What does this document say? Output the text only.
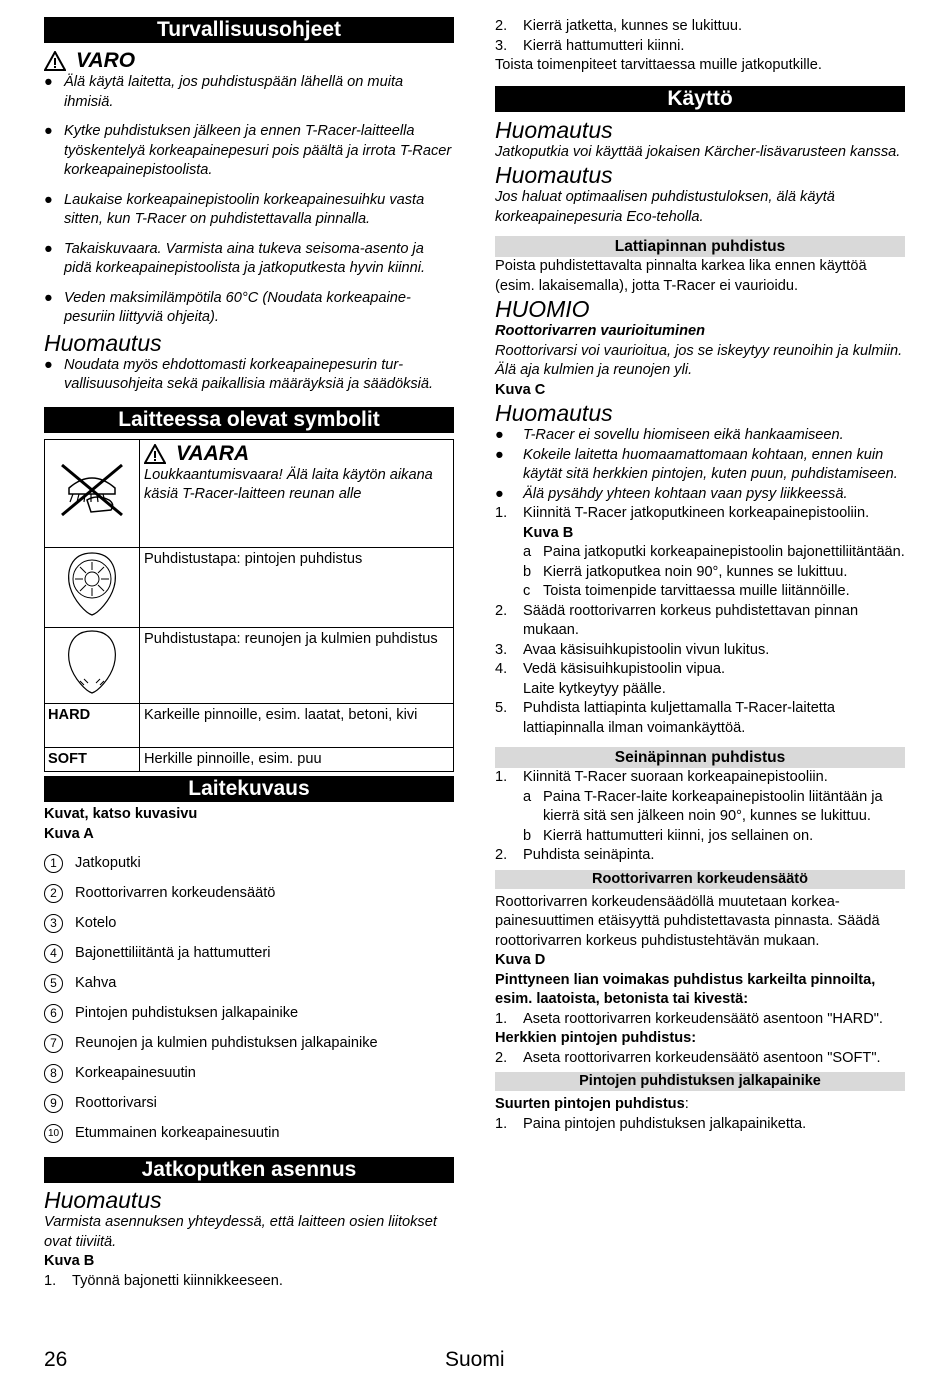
Turvallisuusohjeet
VARO

● Älä käytä laitetta, jos puhdistuspään lähellä on muita ihmisiä.

● Kytke puhdistuksen jälkeen ja ennen T-Racer-laitteella työskentelyä korkeapainepesuri pois päältä ja irrota T-Racer korkeapainepistoolista.

● Laukaise korkeapainepistoolin korkeapainesuihku vasta sitten, kun T-Racer on puhdistettavalla pinnalla.

● Takaiskuvaara. Varmista aina tukeva seisoma-asento ja pidä korkeapainepistoolista ja jatkoputkesta hyvin kiinni.

● Veden maksimilämpötila 60°C (Noudata korkeapainepesuriin liittyviä ohjeita).

Huomautus

● Noudata myös ehdottomasti korkeapainepesurin turvallisuusohjeita sekä paikallisia määräyksiä ja säädöksiä.

Laitteessa olevat symbolit

VAARA
Loukkaantumisvaara! Älä laita käytön aikana käsiä T-Racer-laitteen reunan alle

	Puhdistustapa: pintojen puhdistus
	Puhdistustapa: reunojen ja kulmien puhdistus
HARD	Karkeille pinnoille, esim. laatat, betoni, kivi
SOFT	Herkille pinnoille, esim. puu
Laitekuvaus

Kuvat, katso kuvasivu

Kuva A

1 Jatkoputki

2 Roottorivarren korkeudensäätö

3 Kotelo

4 Bajonettiliitäntä ja hattumutteri

5 Kahva

6 Pintojen puhdistuksen jalkapainike

7 Reunojen ja kulmien puhdistuksen jalkapainike

8 Korkeapainesuutin

9 Roottorivarsi

10 Etummainen korkeapainesuutin

Jatkoputken asennus

Huomautus

Varmista asennuksen yhteydessä, että laitteen osien liitokset ovat tiiviitä.

Kuva B

1.	Työnnä bajonetti kiinnikkeeseen.

2.	Kierrä jatketta, kunnes se lukittuu.

3.	Kierrä hattumutteri kiinni.

Toista toimenpiteet tarvittaessa muille jatkoputkille.

Käyttö

Huomautus

Jatkoputkia voi käyttää jokaisen Kärcher-lisävarusteen kanssa.

Huomautus

Jos haluat optimaalisen puhdistustuloksen, älä käytä korkeapainepesuria Eco-teholla.

Lattiapinnan puhdistus

Poista puhdistettavalta pinnalta karkea lika ennen käyttöä (esim. lakaisemalla), jotta T-Racer ei vaurioidu.

HUOMIO

Roottorivarren vaurioituminen

Roottorivarsi voi vaurioitua, jos se iskeytyy reunoihin ja kulmiin.

Älä aja kulmien ja reunojen yli.

Kuva C

Huomautus

●	T-Racer ei sovellu hiomiseen eikä hankaamiseen.

●	Kokeile laitetta huomaamattomaan kohtaan, ennen kuin käytät sitä herkkien pintojen, kuten puun, puhdistamiseen.

●	Älä pysähdy yhteen kohtaan vaan pysy liikkeessä.

1.	Kiinnitä T-Racer jatkoputkineen korkeapainepistooliin.

Kuva B

a Paina jatkoputki korkeapainepistoolin bajonettiliitäntään.

b Kierrä jatkoputkea noin 90°, kunnes se lukittuu.

c Toista toimenpide tarvittaessa muille liitännöille.

2.	Säädä roottorivarren korkeus puhdistettavan pinnan mukaan.

3.	Avaa käsisuihkupistoolin vivun lukitus.

4.	Vedä käsisuihkupistoolin vipua.

Laite kytkeytyy päälle.

5.	Puhdista lattiapinta kuljettamalla T-Racer-laitetta lattiapinnalla ilman voimankäyttöä.

Seinäpinnan puhdistus

1.	Kiinnitä T-Racer suoraan korkeapainepistooliin.

a Paina T-Racer-laite korkeapainepistoolin liitäntään ja kierrä sitä sen jälkeen noin 90°, kunnes se lukittuu.

b Kierrä hattumutteri kiinni, jos sellainen on.

2.	Puhdista seinäpinta.

Roottorivarren korkeudensäätö

Roottorivarren korkeudensäädöllä muutetaan korkeapainesuuttimen etäisyyttä puhdistettavasta pinnasta. Säädä roottorivarren korkeus puhdistustehtävän mukaan.

Kuva D

Pinttyneen lian voimakas puhdistus karkeilta pinnoilta, esim. laatoista, betonista tai kivestä:

1.	Aseta roottorivarren korkeudensäätö asentoon "HARD".

Herkkien pintojen puhdistus:

2.	Aseta roottorivarren korkeudensäätö asentoon "SOFT".

Pintojen puhdistuksen jalkapainike

Suurten pintojen puhdistus:

1.	Paina pintojen puhdistuksen jalkapainiketta.

26	Suomi
